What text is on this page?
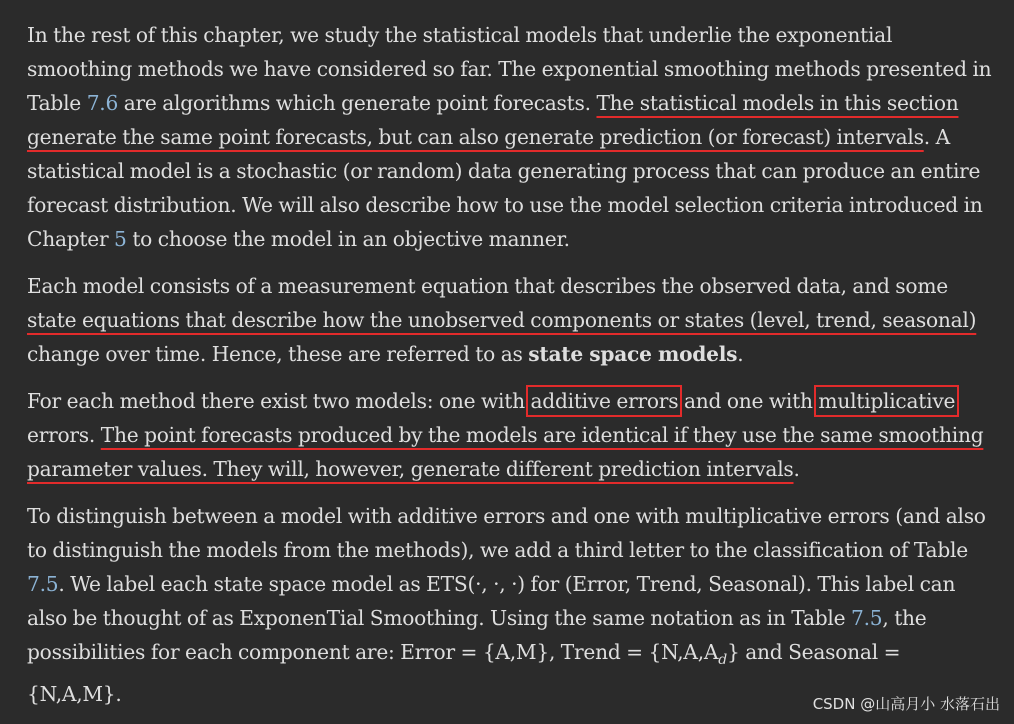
In the rest of this chapter, we study the statistical models that underlie the exponential smoothing methods we have considered so far. The exponential smoothing methods presented in Table 7.6 are algorithms which generate point forecasts. The statistical models in this section generate the same point forecasts, but can also generate prediction (or forecast) intervals. A statistical model is a stochastic (or random) data generating process that can produce an entire forecast distribution. We will also describe how to use the model selection criteria introduced in Chapter 5 to choose the model in an objective manner.

Each model consists of a measurement equation that describes the observed data, and some state equations that describe how the unobserved components or states (level, trend, seasonal) change over time. Hence, these are referred to as state space models.

For each method there exist two models: one with additive errors and one with multiplicative errors. The point forecasts produced by the models are identical if they use the same smoothing parameter values. They will, however, generate different prediction intervals.

To distinguish between a model with additive errors and one with multiplicative errors (and also to distinguish the models from the methods), we add a third letter to the classification of Table 7.5. We label each state space model as ETS(·, ·, ·) for (Error, Trend, Seasonal). This label can also be thought of as ExponenTial Smoothing. Using the same notation as in Table 7.5, the possibilities for each component are: Error = {A,M}, Trend = $\{N,A,A_d\}$ and Seasonal = {N,A,M}.	CSDN @山高月小 水落石出
